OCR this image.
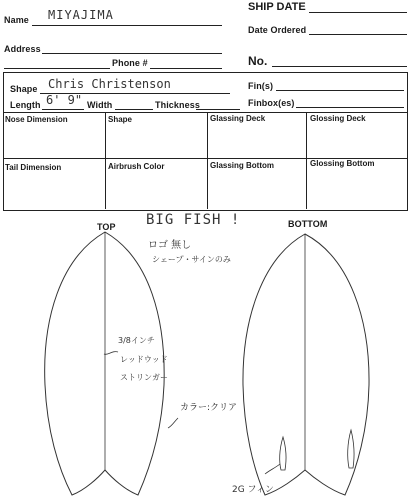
Name MIYAJIMA
Address
Phone #
SHIP DATE
Date Ordered
No.
Shape Chris Christenson
Length 6' 9" Width	Thickness
Fin(s)
Finbox(es)
Nose Dimension	Shape	Glassing Deck	Glossing Deck
Tail Dimension	Airbrush Color	Glassing Bottom	Glossing Bottom
TOP	BOTTOM
BIG FISH !
ロゴ 無し
シェープ・サインのみ
3/8インチ
レッドウッド
ストリンガー
カラー:クリア
2G フィン
